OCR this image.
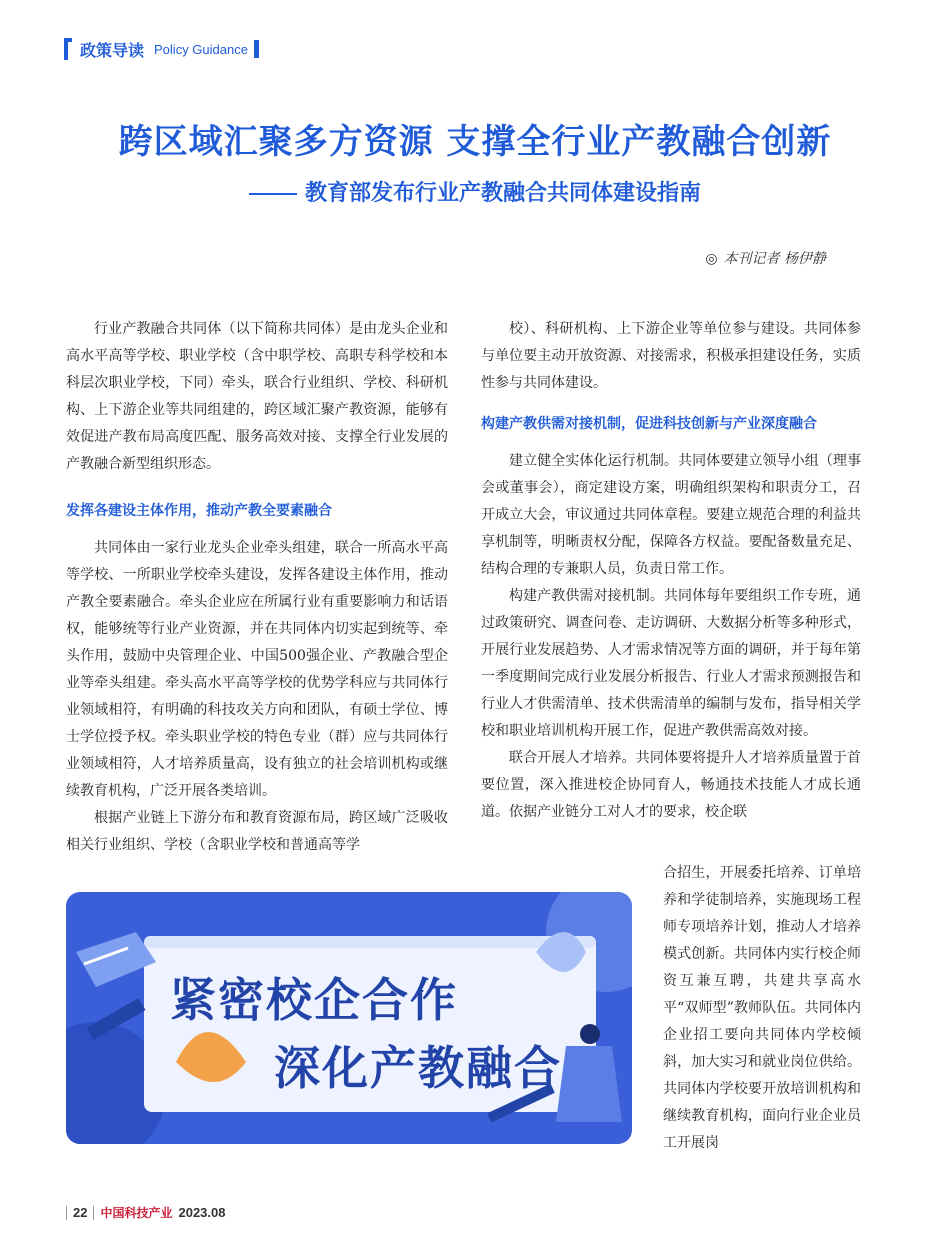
政策导读 Policy Guidance
跨区域汇聚多方资源 支撑全行业产教融合创新
教育部发布行业产教融合共同体建设指南
◎ 本刊记者 杨伊静

行业产教融合共同体（以下简称共同体）是由龙头企业和高水平高等学校、职业学校（含中职学校、高职专科学校和本科层次职业学校，下同）牵头，联合行业组织、学校、科研机构、上下游企业等共同组建的，跨区域汇聚产教资源，能够有效促进产教布局高度匹配、服务高效对接、支撑全行业发展的产教融合新型组织形态。

发挥各建设主体作用，推动产教全要素融合

共同体由一家行业龙头企业牵头组建，联合一所高水平高等学校、一所职业学校牵头建设，发挥各建设主体作用，推动产教全要素融合。牵头企业应在所属行业有重要影响力和话语权，能够统等行业产业资源，并在共同体内切实起到统等、牵头作用，鼓励中央管理企业、中国500强企业、产教融合型企业等牵头组建。牵头高水平高等学校的优势学科应与共同体行业领域相符，有明确的科技攻关方向和团队，有硕士学位、博士学位授予权。牵头职业学校的特色专业（群）应与共同体行业领域相符，人才培养质量高，设有独立的社会培训机构或继续教育机构，广泛开展各类培训。

根据产业链上下游分布和教育资源布局，跨区域广泛吸收相关行业组织、学校（含职业学校和普通高等学

校）、科研机构、上下游企业等单位参与建设。共同体参与单位要主动开放资源、对接需求，积极承担建设任务，实质性参与共同体建设。

构建产教供需对接机制，促进科技创新与产业深度融合

建立健全实体化运行机制。共同体要建立领导小组（理事会或董事会），商定建设方案，明确组织架构和职责分工，召开成立大会，审议通过共同体章程。要建立规范合理的利益共享机制等，明晰责权分配，保障各方权益。要配备数量充足、结构合理的专兼职人员，负责日常工作。

构建产教供需对接机制。共同体每年要组织工作专班，通过政策研究、调查问卷、走访调研、大数据分析等多种形式，开展行业发展趋势、人才需求情况等方面的调研，并于每年第一季度期间完成行业发展分析报告、行业人才需求预测报告和行业人才供需清单、技术供需清单的编制与发布，指导相关学校和职业培训机构开展工作，促进产教供需高效对接。

联合开展人才培养。共同体要将提升人才培养质量置于首要位置，深入推进校企协同育人，畅通技术技能人才成长通道。依据产业链分工对人才的要求，校企联

合招生，开展委托培养、订单培养和学徒制培养，实施现场工程师专项培养计划，推动人才培养模式创新。共同体内实行校企师资互兼互聘，共建共享高水平“双师型”教师队伍。共同体内企业招工要向共同体内学校倾斜，加大实习和就业岗位供给。共同体内学校要开放培训机构和继续教育机构，面向行业企业员工开展岗

紧密校企合作
深化产教融合
22 中国科技产业 2023.08
